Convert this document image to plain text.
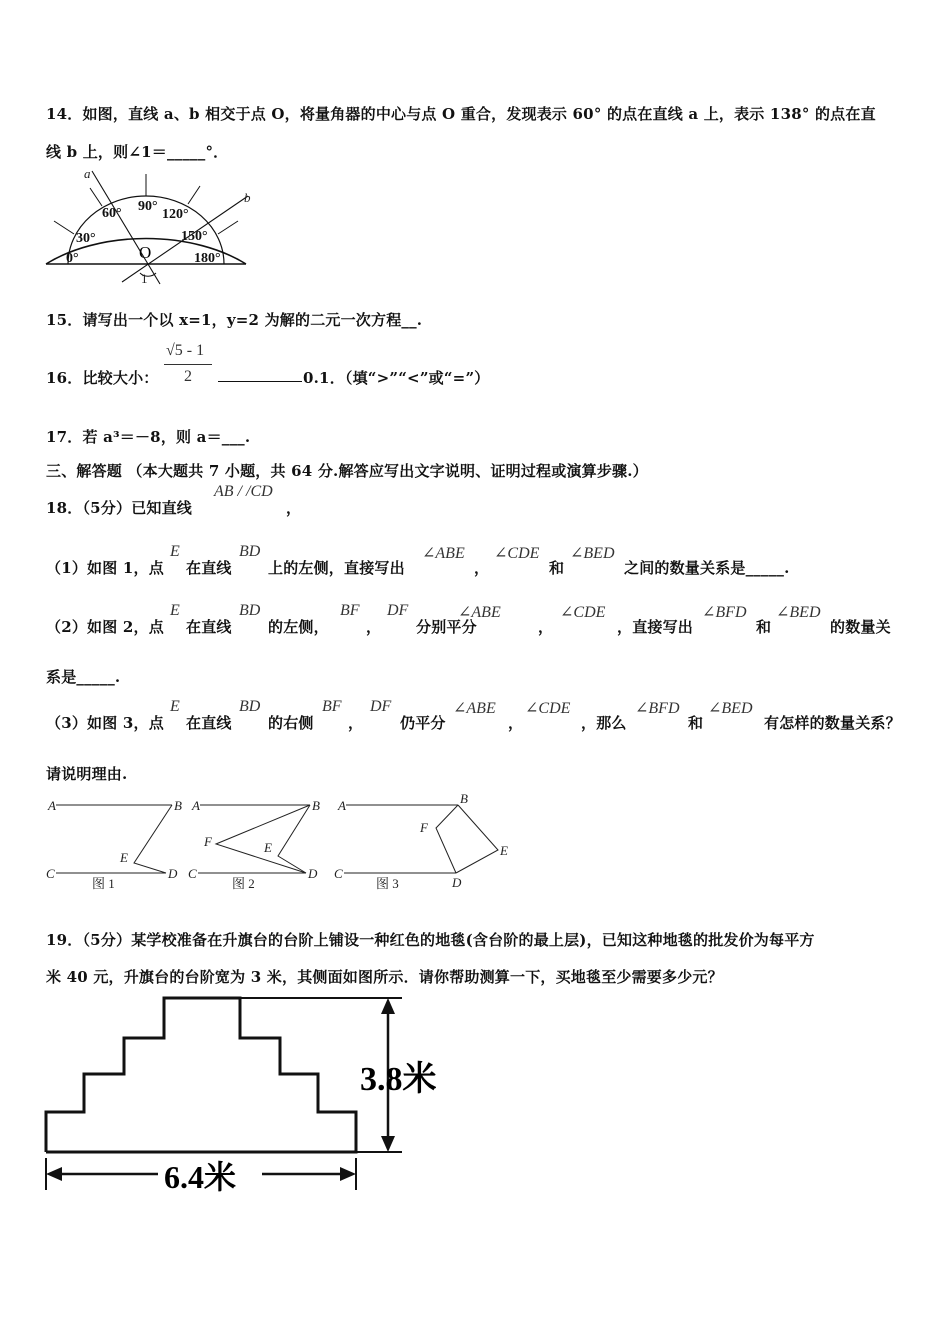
14．如图，直线 a、b 相交于点 O，将量角器的中心与点 O 重合，发现表示 60° 的点在直线 a 上，表示 138° 的点在直
线 b 上，则∠1＝_____°．
a
b
O
1
0°
30°
60° 90°
120°
150°
180°
15．请写出一个以 x=1，y=2 为解的二元一次方程__.
16．比较大小：
√5 - 1
2	0.1．（填“>”“<”或“=”）
17．若 a³＝－8，则 a＝___.
三、解答题 （本大题共 7 小题，共 64 分.解答应写出文字说明、证明过程或演算步骤.）
18．（5分）已知直线
AB / /CD
，
（1）如图 1，点
E
在直线
BD
上的左侧，直接写出
∠ABE
，
∠CDE
和
∠BED
之间的数量关系是_____.
（2）如图 2，点
E
在直线
BD
的左侧，
BF
，
DF
分别平分
∠ABE
，
∠CDE
，直接写出
∠BFD
和
∠BED
的数量关
系是_____.
（3）如图 3，点
E
在直线
BD
的右侧
BF
，
DF
仍平分
∠ABE
，
∠CDE
，那么
∠BFD
和
∠BED
有怎样的数量关系？
请说明理由.
A	B
C	D
E
图 1
A	B
C	D
E
F
图 2
A	B
C
D
E
F
图 3
19．（5分）某学校准备在升旗台的台阶上铺设一种红色的地毯(含台阶的最上层)，已知这种地毯的批发价为每平方
米 40 元，升旗台的台阶宽为 3 米，其侧面如图所示．请你帮助测算一下，买地毯至少需要多少元？
3.8米
6.4米
